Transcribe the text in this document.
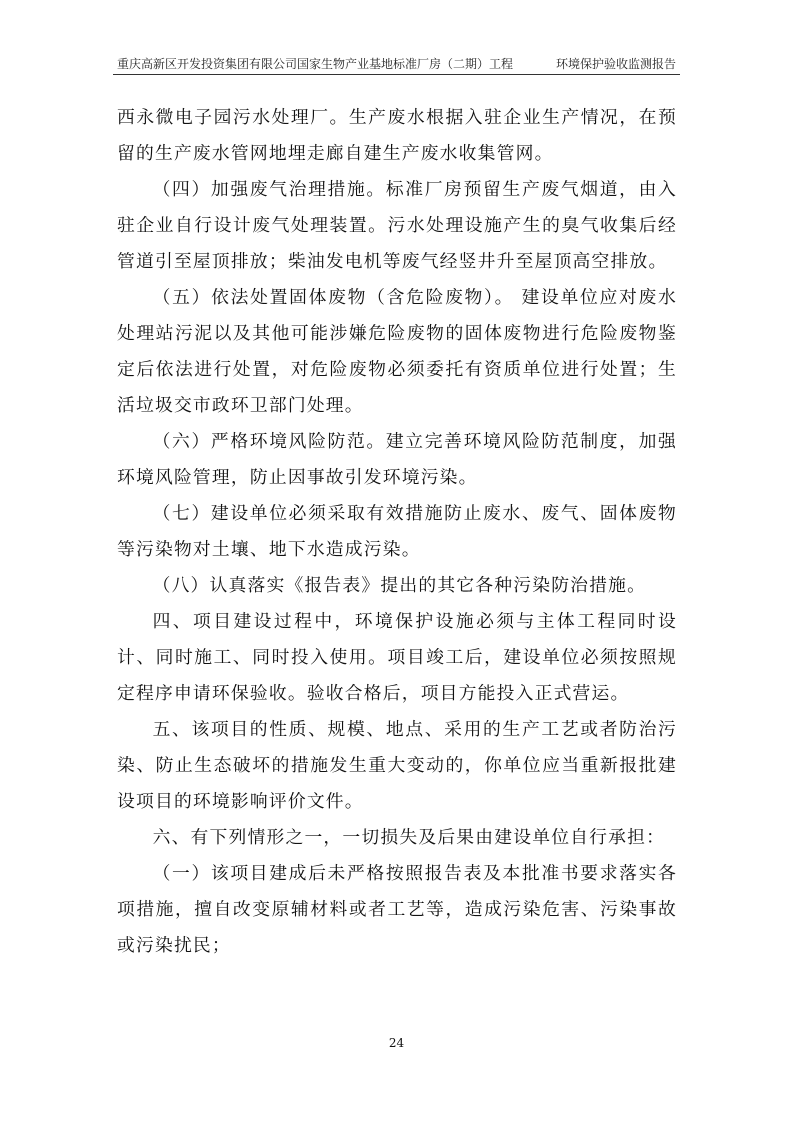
重庆高新区开发投资集团有限公司国家生物产业基地标准厂房（二期）工程	环境保护验收监测报告

西永微电子园污水处理厂。生产废水根据入驻企业生产情况，在预留的生产废水管网地埋走廊自建生产废水收集管网。

（四）加强废气治理措施。标准厂房预留生产废气烟道，由入驻企业自行设计废气处理装置。污水处理设施产生的臭气收集后经管道引至屋顶排放；柴油发电机等废气经竖井升至屋顶高空排放。

（五）依法处置固体废物（含危险废物）。 建设单位应对废水处理站污泥以及其他可能涉嫌危险废物的固体废物进行危险废物鉴定后依法进行处置，对危险废物必须委托有资质单位进行处置；生活垃圾交市政环卫部门处理。

（六）严格环境风险防范。建立完善环境风险防范制度，加强环境风险管理，防止因事故引发环境污染。

（七）建设单位必须采取有效措施防止废水、废气、固体废物等污染物对土壤、地下水造成污染。

（八）认真落实《报告表》提出的其它各种污染防治措施。

四、项目建设过程中，环境保护设施必须与主体工程同时设计、同时施工、同时投入使用。项目竣工后，建设单位必须按照规定程序申请环保验收。验收合格后，项目方能投入正式营运。

五、该项目的性质、规模、地点、采用的生产工艺或者防治污染、防止生态破坏的措施发生重大变动的，你单位应当重新报批建设项目的环境影响评价文件。

六、有下列情形之一，一切损失及后果由建设单位自行承担：

（一）该项目建成后未严格按照报告表及本批准书要求落实各项措施，擅自改变原辅材料或者工艺等，造成污染危害、污染事故或污染扰民；

24
